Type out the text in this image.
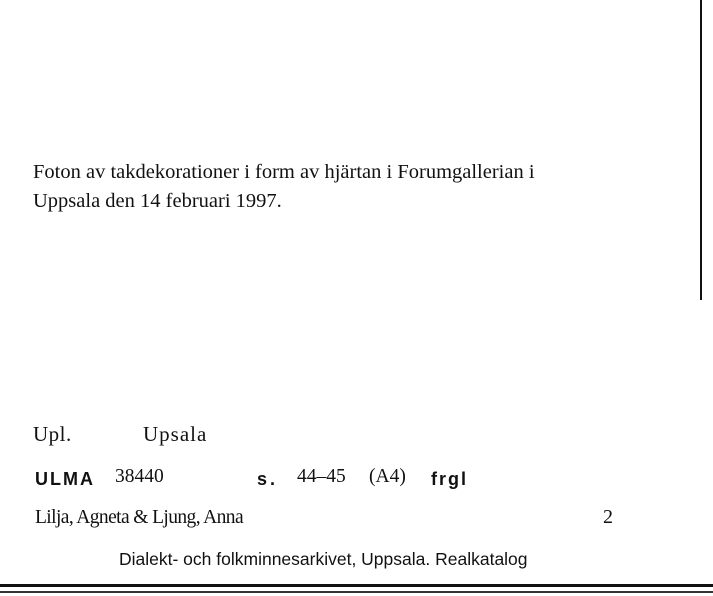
Foton av takdekorationer i form av hjärtan i Forumgallerian i
Uppsala den 14 februari 1997.

Upl.	Upsala
ULMA 38440	s. 44–45 (A4) frgl
Lilja, Agneta & Ljung, Anna	2
Dialekt- och folkminnesarkivet, Uppsala. Realkatalog
